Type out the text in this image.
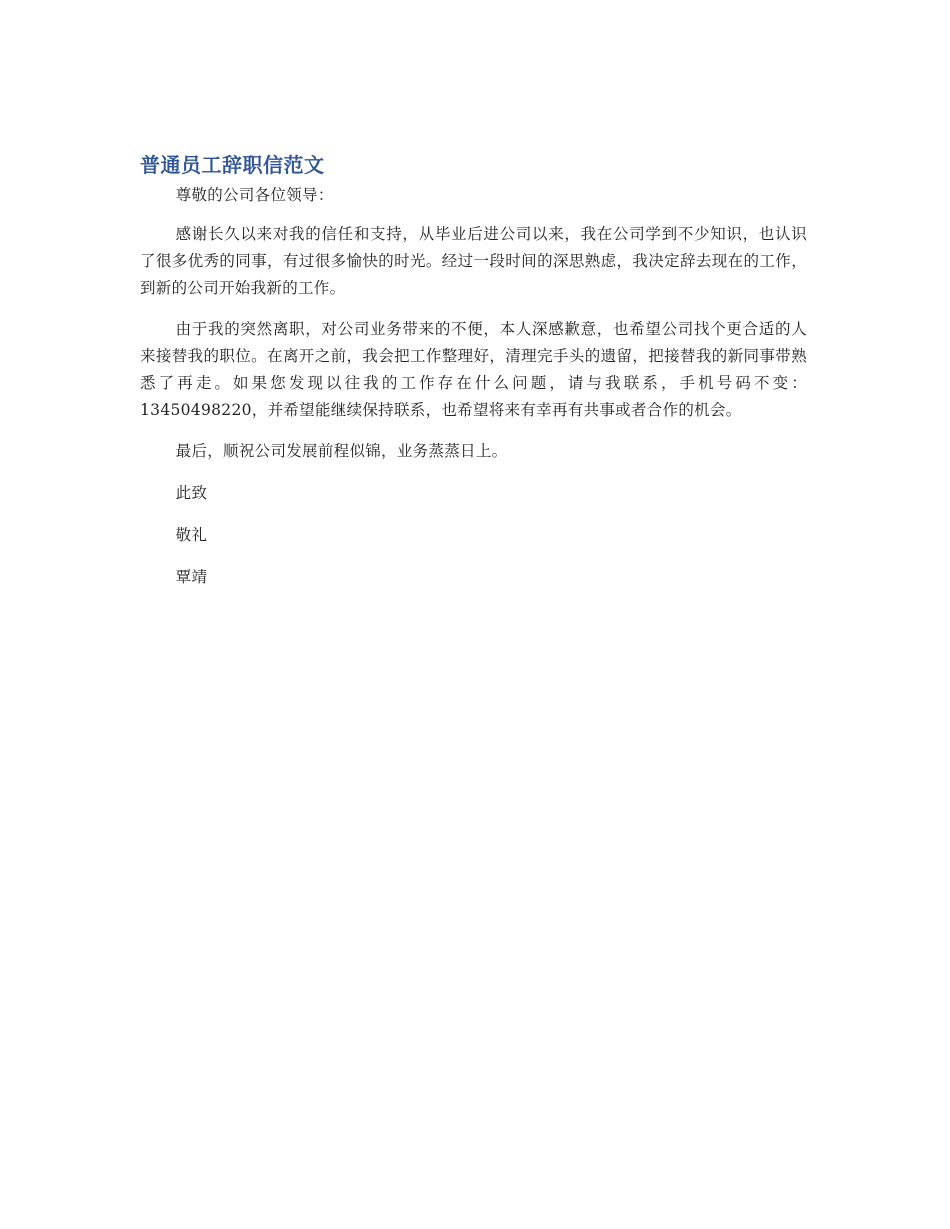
普通员工辞职信范文

尊敬的公司各位领导：

感谢长久以来对我的信任和支持，从毕业后进公司以来，我在公司学到不少知识，也认识了很多优秀的同事，有过很多愉快的时光。经过一段时间的深思熟虑，我决定辞去现在的工作，到新的公司开始我新的工作。

由于我的突然离职，对公司业务带来的不便，本人深感歉意，也希望公司找个更合适的人来接替我的职位。在离开之前，我会把工作整理好，清理完手头的遗留，把接替我的新同事带熟悉了再走。如果您发现以往我的工作存在什么问题，请与我联系，手机号码不变：13450498220，并希望能继续保持联系，也希望将来有幸再有共事或者合作的机会。

最后，顺祝公司发展前程似锦，业务蒸蒸日上。

此致

敬礼

覃靖
